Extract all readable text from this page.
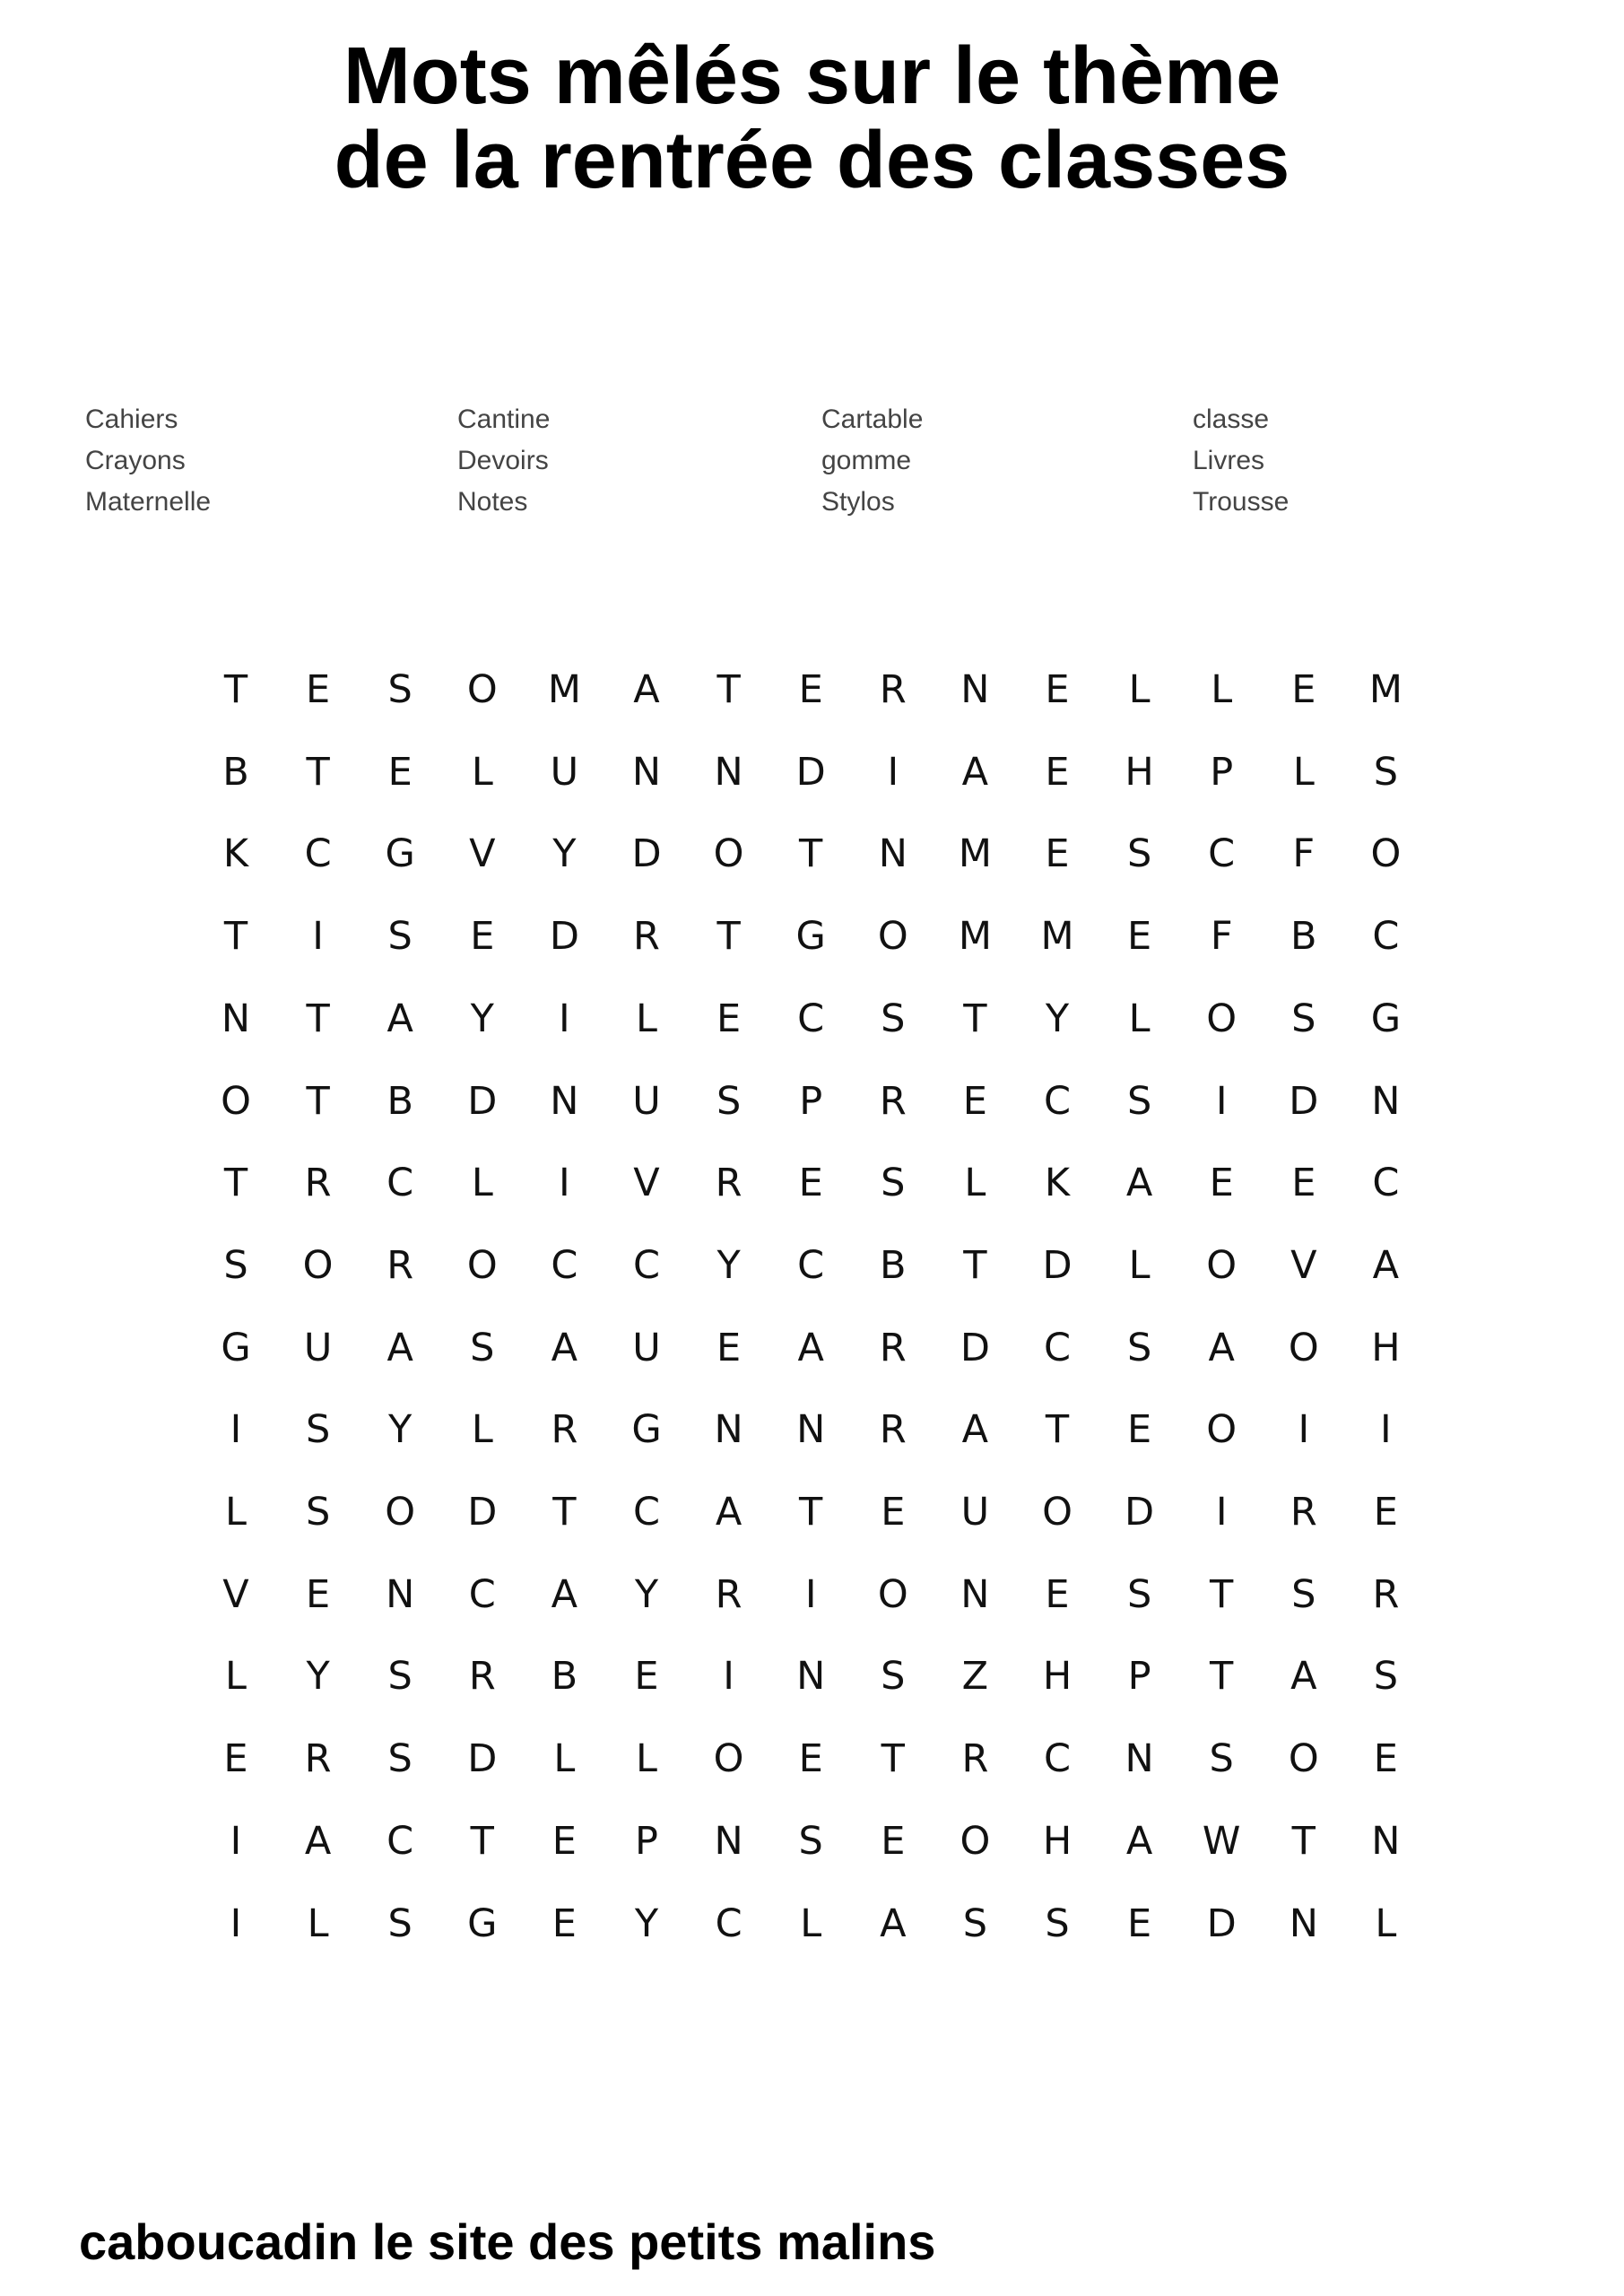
Mots mêlés sur le thème
de la rentrée des classes
Cahiers
Crayons
Maternelle
Cantine
Devoirs
Notes
Cartable
gomme
Stylos
classe
Livres
Trousse
T	E	S	O	M	A	T	E	R	N	E	L	L	E	M
B	T	E	L	U	N	N	D	I	A	E	H	P	L	S
K	C	G	V	Y	D	O	T	N	M	E	S	C	F	O
T	I	S	E	D	R	T	G	O	M	M	E	F	B	C
N	T	A	Y	I	L	E	C	S	T	Y	L	O	S	G
O	T	B	D	N	U	S	P	R	E	C	S	I	D	N
T	R	C	L	I	V	R	E	S	L	K	A	E	E	C
S	O	R	O	C	C	Y	C	B	T	D	L	O	V	A
G	U	A	S	A	U	E	A	R	D	C	S	A	O	H
I	S	Y	L	R	G	N	N	R	A	T	E	O	I	I
L	S	O	D	T	C	A	T	E	U	O	D	I	R	E
V	E	N	C	A	Y	R	I	O	N	E	S	T	S	R
L	Y	S	R	B	E	I	N	S	Z	H	P	T	A	S
E	R	S	D	L	L	O	E	T	R	C	N	S	O	E
I	A	C	T	E	P	N	S	E	O	H	A	W	T	N
I	L	S	G	E	Y	C	L	A	S	S	E	D	N	L

caboucadin le site des petits malins
